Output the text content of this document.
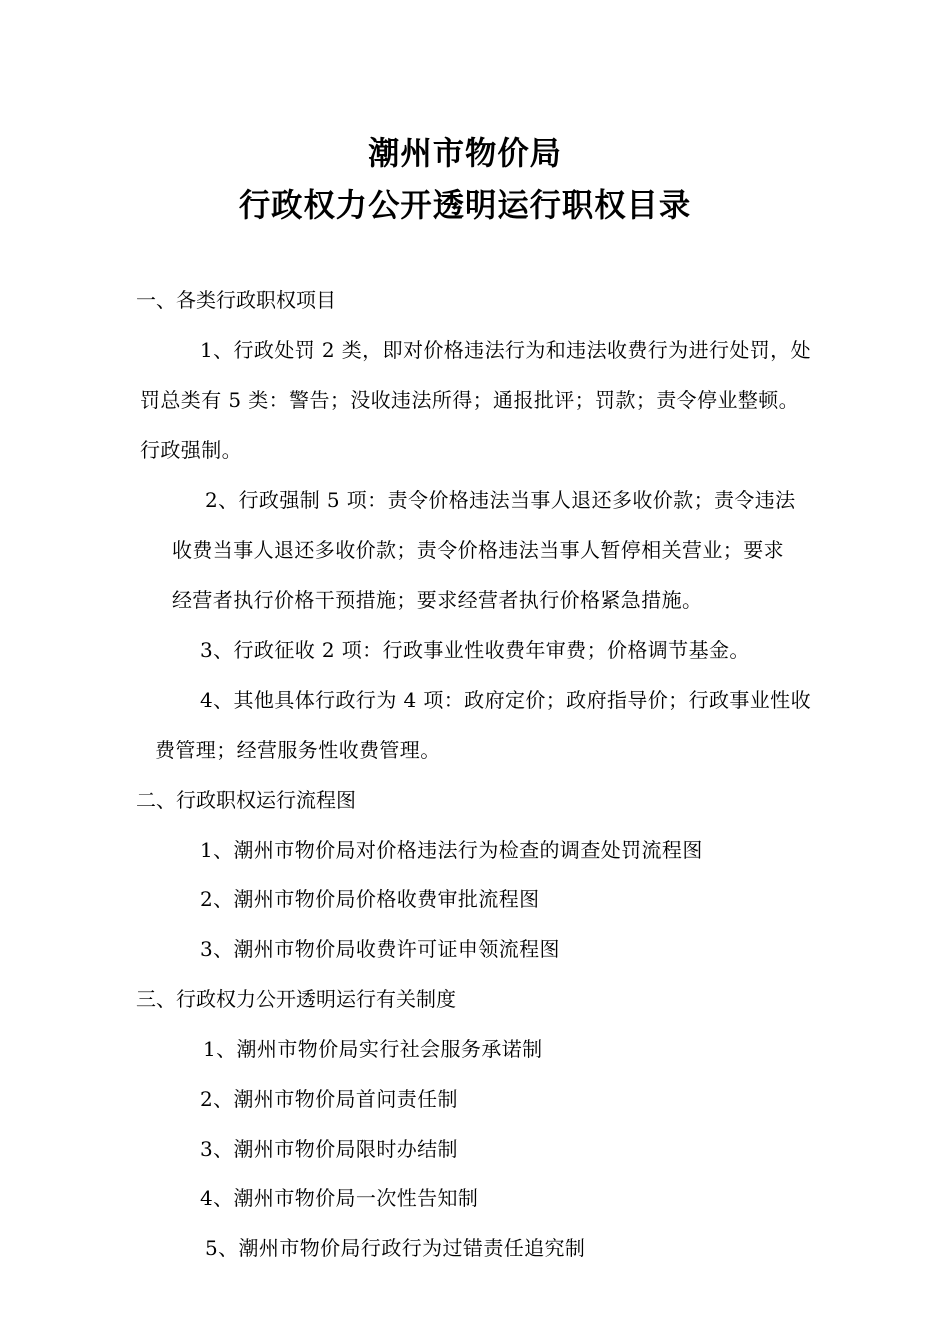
潮州市物价局
行政权力公开透明运行职权目录
一、各类行政职权项目
1、行政处罚 2 类，即对价格违法行为和违法收费行为进行处罚，处
罚总类有 5 类：警告；没收违法所得；通报批评；罚款；责令停业整顿。
行政强制。
2、行政强制 5 项：责令价格违法当事人退还多收价款；责令违法
收费当事人退还多收价款；责令价格违法当事人暂停相关营业；要求
经营者执行价格干预措施；要求经营者执行价格紧急措施。
3、行政征收 2 项：行政事业性收费年审费；价格调节基金。
4、其他具体行政行为 4 项：政府定价；政府指导价；行政事业性收
费管理；经营服务性收费管理。
二、行政职权运行流程图
1、潮州市物价局对价格违法行为检查的调查处罚流程图
2、潮州市物价局价格收费审批流程图
3、潮州市物价局收费许可证申领流程图
三、行政权力公开透明运行有关制度
1、潮州市物价局实行社会服务承诺制
2、潮州市物价局首问责任制
3、潮州市物价局限时办结制
4、潮州市物价局一次性告知制
5、潮州市物价局行政行为过错责任追究制
